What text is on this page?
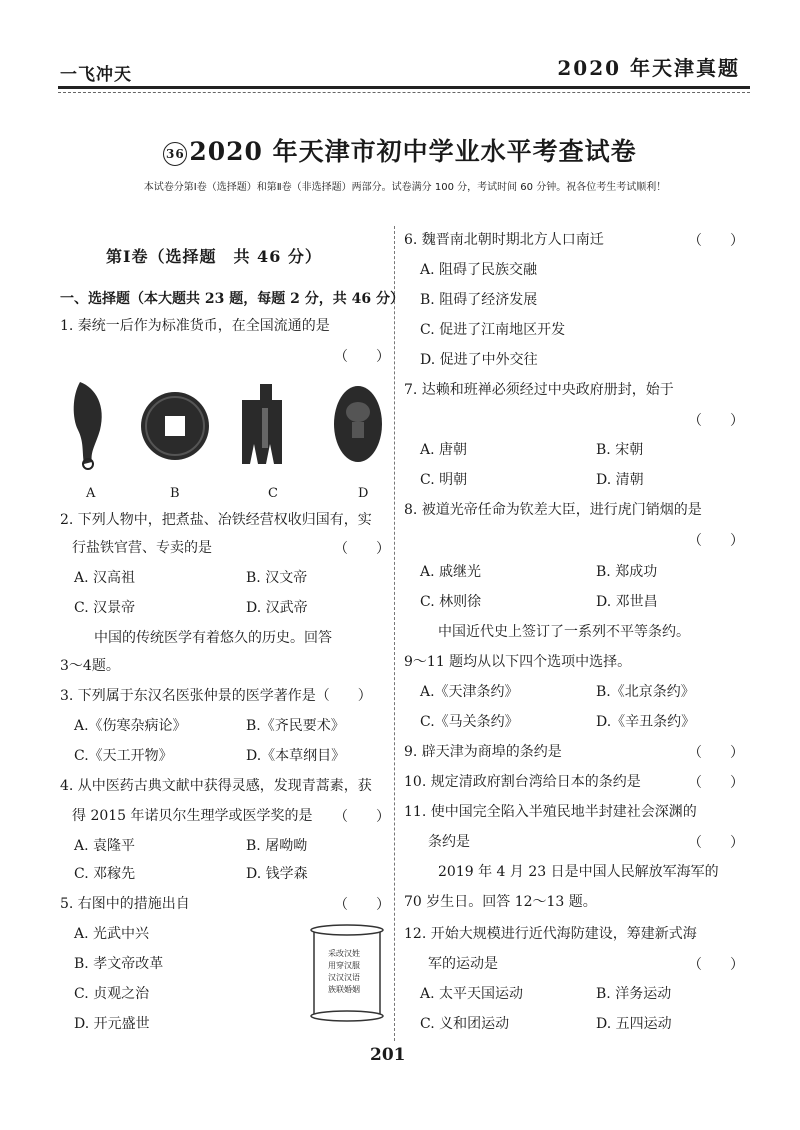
一飞冲天	2020 年天津真题
36 2020 年天津市初中学业水平考查试卷
本试卷分第Ⅰ卷（选择题）和第Ⅱ卷（非选择题）两部分。试卷满分 100 分，考试时间 60 分钟。祝各位考生考试顺利！
第Ⅰ卷（选择题　共 46 分）
一、选择题（本大题共 23 题，每题 2 分，共 46 分）
1. 秦统一后作为标准货币，在全国流通的是
（　　）
A	B	C	D
2. 下列人物中，把煮盐、冶铁经营权收归国有，实
行盐铁官营、专卖的是	（　　）
A. 汉高祖	B. 汉文帝
C. 汉景帝	D. 汉武帝
中国的传统医学有着悠久的历史。回答
3～4题。
3. 下列属于东汉名医张仲景的医学著作是（　　）
A.《伤寒杂病论》	B.《齐民要术》
C.《天工开物》	D.《本草纲目》
4. 从中医药古典文献中获得灵感，发现青蒿素，获
得 2015 年诺贝尔生理学或医学奖的是 （　　）
A. 袁隆平	B. 屠呦呦
C. 邓稼先	D. 钱学森
5. 右图中的措施出自	（　　）
A. 光武中兴
B. 孝文帝改革
C. 贞观之治
D. 开元盛世
采改汉姓
用穿汉服
汉汉汉语
族联婚姻
6. 魏晋南北朝时期北方人口南迁	（　　）
A. 阻碍了民族交融
B. 阻碍了经济发展
C. 促进了江南地区开发
D. 促进了中外交往
7. 达赖和班禅必须经过中央政府册封，始于
（　　）
A. 唐朝	B. 宋朝
C. 明朝	D. 清朝
8. 被道光帝任命为钦差大臣，进行虎门销烟的是
（　　）
A. 戚继光	B. 郑成功
C. 林则徐	D. 邓世昌
中国近代史上签订了一系列不平等条约。
9～11 题均从以下四个选项中选择。
A.《天津条约》	B.《北京条约》
C.《马关条约》	D.《辛丑条约》
9. 辟天津为商埠的条约是	（　　）
10. 规定清政府割台湾给日本的条约是	（　　）
11. 使中国完全陷入半殖民地半封建社会深渊的
条约是	（　　）
2019 年 4 月 23 日是中国人民解放军海军的
70 岁生日。回答 12～13 题。
12. 开始大规模进行近代海防建设，筹建新式海
军的运动是	（　　）
A. 太平天国运动	B. 洋务运动
C. 义和团运动	D. 五四运动
201
